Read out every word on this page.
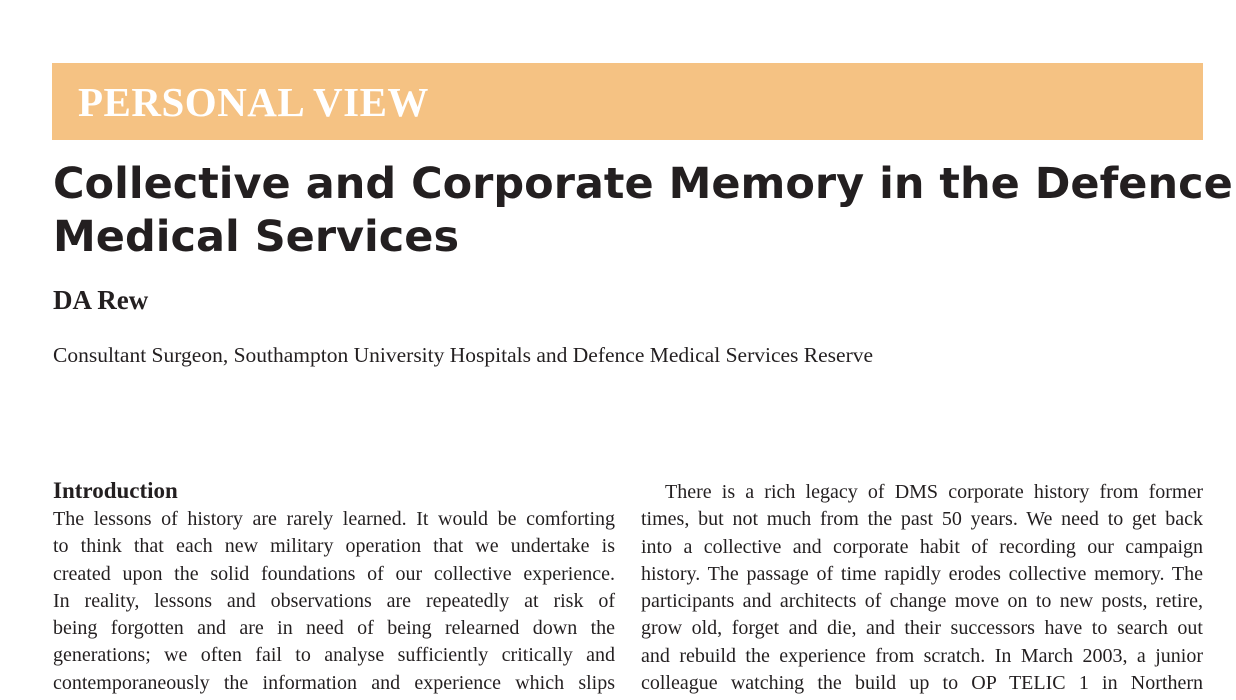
PERSONAL VIEW
Collective and Corporate Memory in the Defence
Medical Services
DA Rew
Consultant Surgeon, Southampton University Hospitals and Defence Medical Services Reserve
Introduction
The lessons of history are rarely learned. It would be comforting
to think that each new military operation that we undertake is
created upon the solid foundations of our collective experience.
In reality, lessons and observations are repeatedly at risk of
being forgotten and are in need of being relearned down the
generations; we often fail to analyse sufficiently critically and
contemporaneously the information and experience which slips
There is a rich legacy of DMS corporate history from former
times, but not much from the past 50 years. We need to get back
into a collective and corporate habit of recording our campaign
history. The passage of time rapidly erodes collective memory. The
participants and architects of change move on to new posts, retire,
grow old, forget and die, and their successors have to search out
and rebuild the experience from scratch. In March 2003, a junior
colleague watching the build up to OP TELIC 1 in Northern
